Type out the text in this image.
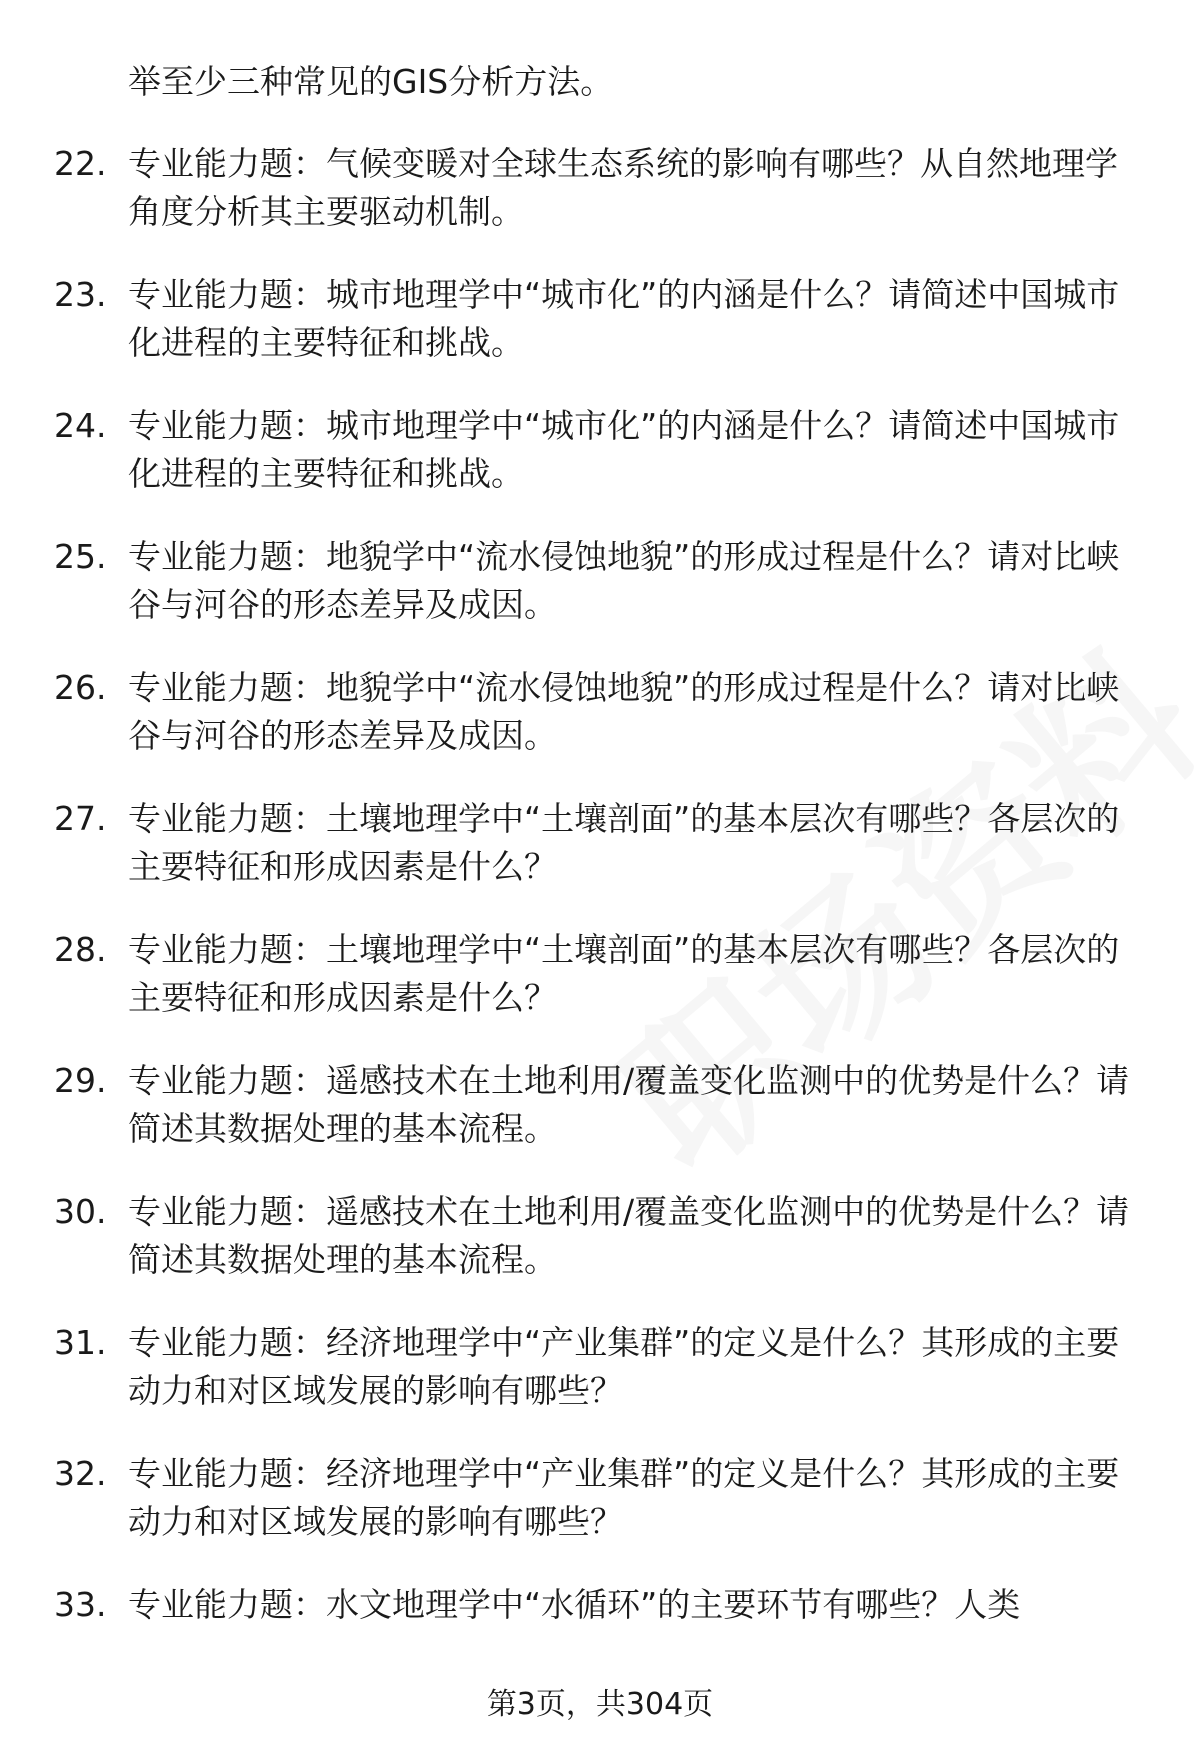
举至少三种常见的GIS分析方法。
22. 专业能力题：气候变暖对全球生态系统的影响有哪些？从自然地理学角度分析其主要驱动机制。
23. 专业能力题：城市地理学中“城市化”的内涵是什么？请简述中国城市化进程的主要特征和挑战。
24. 专业能力题：城市地理学中“城市化”的内涵是什么？请简述中国城市化进程的主要特征和挑战。
25. 专业能力题：地貌学中“流水侵蚀地貌”的形成过程是什么？请对比峡谷与河谷的形态差异及成因。
26. 专业能力题：地貌学中“流水侵蚀地貌”的形成过程是什么？请对比峡谷与河谷的形态差异及成因。
27. 专业能力题：土壤地理学中“土壤剖面”的基本层次有哪些？各层次的主要特征和形成因素是什么？
28. 专业能力题：土壤地理学中“土壤剖面”的基本层次有哪些？各层次的主要特征和形成因素是什么？
29. 专业能力题：遥感技术在土地利用/覆盖变化监测中的优势是什么？请简述其数据处理的基本流程。
30. 专业能力题：遥感技术在土地利用/覆盖变化监测中的优势是什么？请简述其数据处理的基本流程。
31. 专业能力题：经济地理学中“产业集群”的定义是什么？其形成的主要动力和对区域发展的影响有哪些？
32. 专业能力题：经济地理学中“产业集群”的定义是什么？其形成的主要动力和对区域发展的影响有哪些？
33. 专业能力题：水文地理学中“水循环”的主要环节有哪些？人类
第3页，共304页
